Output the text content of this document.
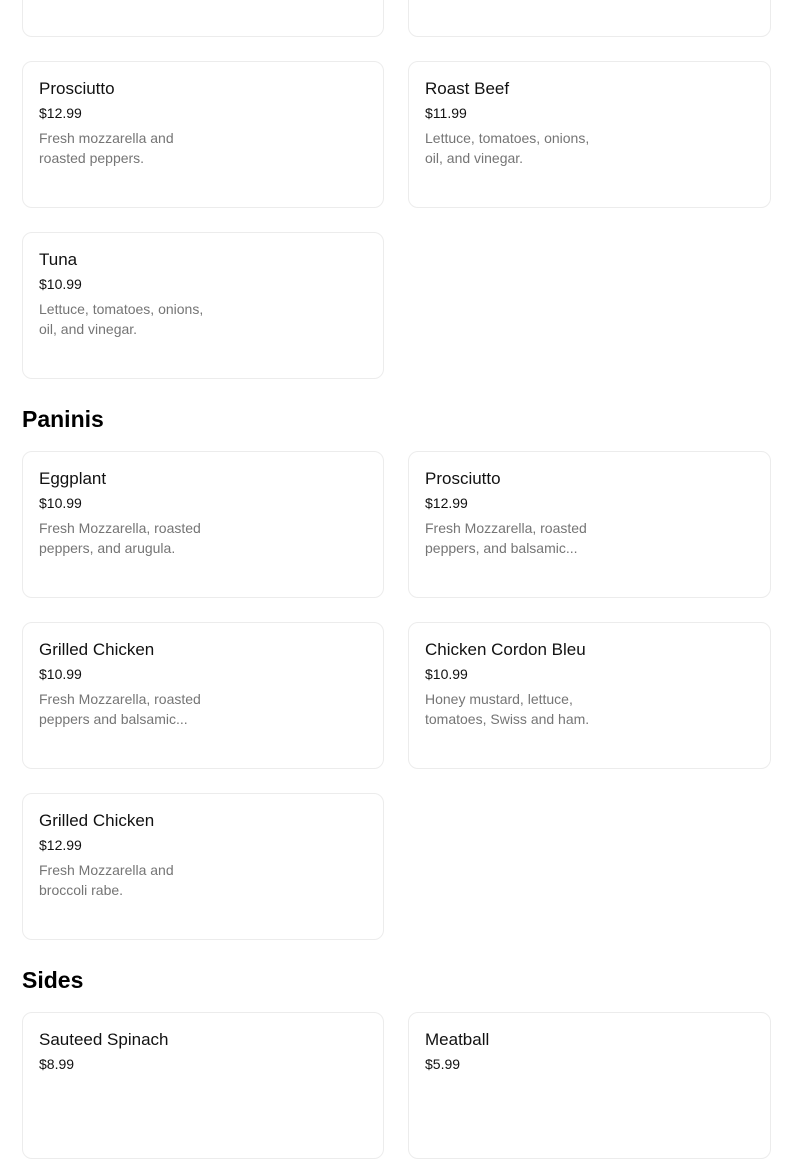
Prosciutto
$12.99
Fresh mozzarella and roasted peppers.
Roast Beef
$11.99
Lettuce, tomatoes, onions, oil, and vinegar.
Tuna
$10.99
Lettuce, tomatoes, onions, oil, and vinegar.
Paninis
Eggplant
$10.99
Fresh Mozzarella, roasted peppers, and arugula.
Prosciutto
$12.99
Fresh Mozzarella, roasted peppers, and balsamic...
Grilled Chicken
$10.99
Fresh Mozzarella, roasted peppers and balsamic...
Chicken Cordon Bleu
$10.99
Honey mustard, lettuce, tomatoes, Swiss and ham.
Grilled Chicken
$12.99
Fresh Mozzarella and broccoli rabe.
Sides
Sauteed Spinach
$8.99
Meatball
$5.99
